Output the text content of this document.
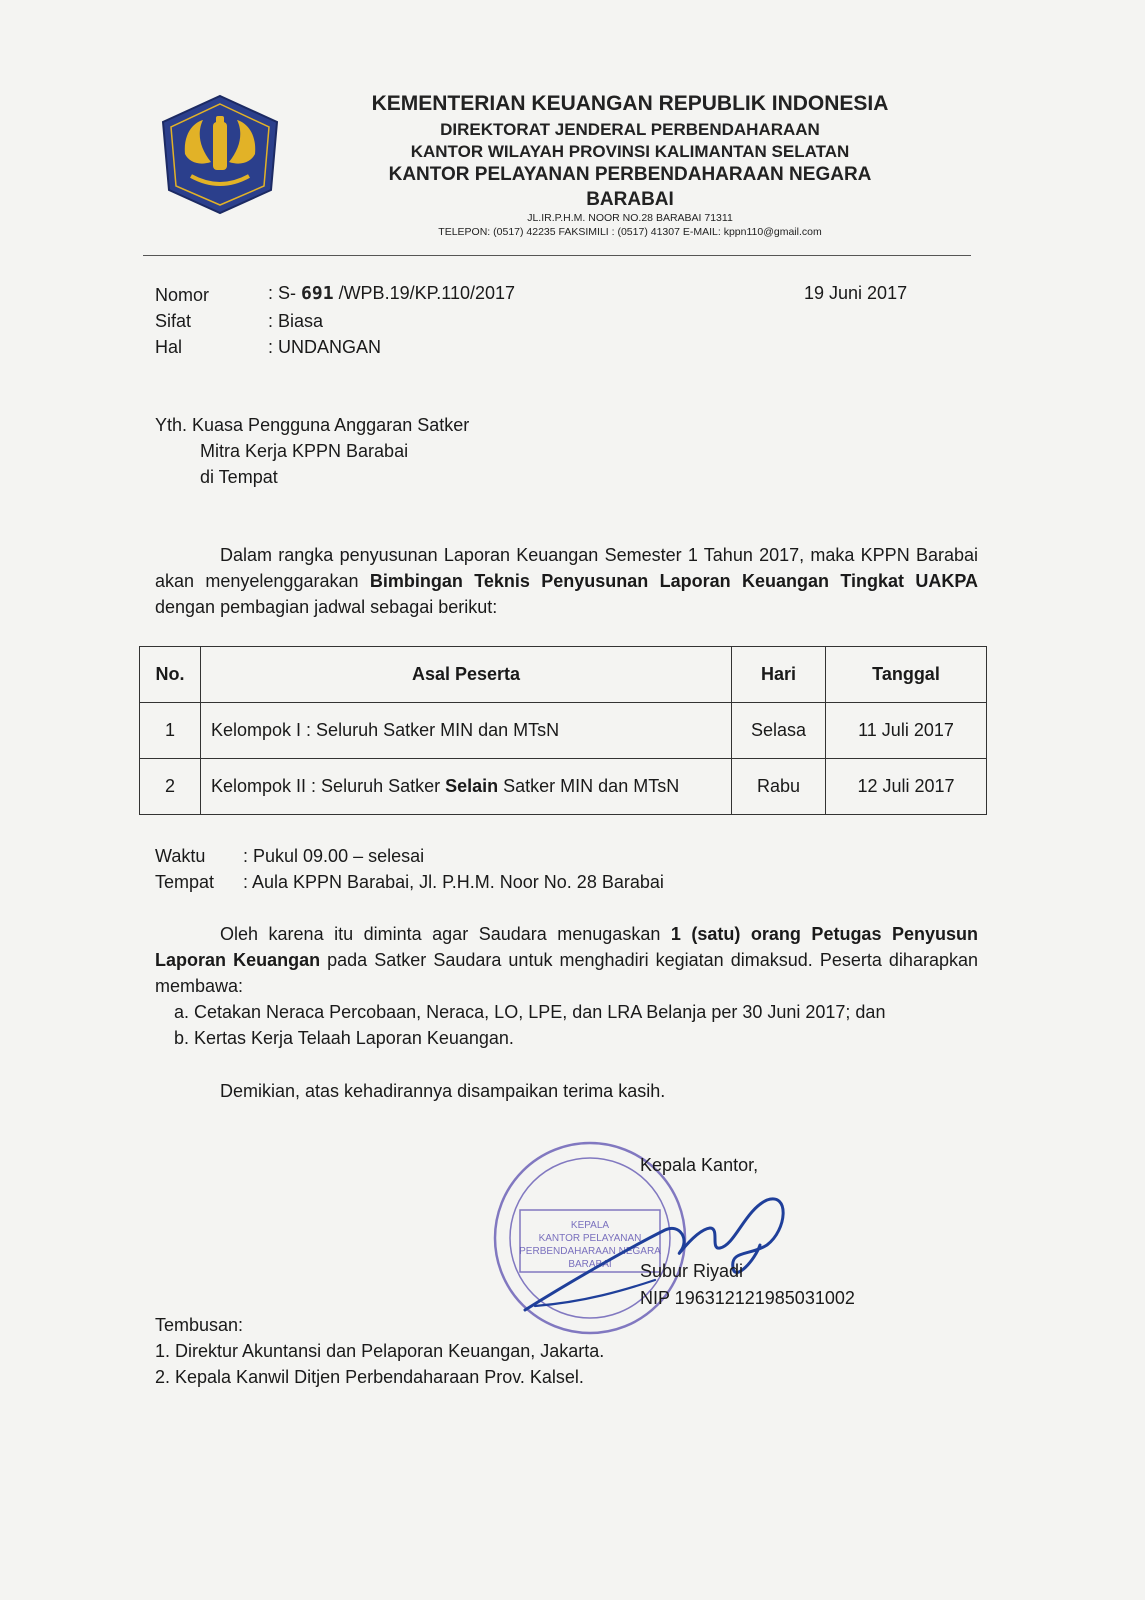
KEMENTERIAN KEUANGAN REPUBLIK INDONESIA
DIREKTORAT JENDERAL PERBENDAHARAAN
KANTOR WILAYAH PROVINSI KALIMANTAN SELATAN
KANTOR PELAYANAN PERBENDAHARAAN NEGARA
BARABAI
JL.IR.P.H.M. NOOR NO.28 BARABAI 71311
TELEPON: (0517) 42235 FAKSIMILI : (0517) 41307 E-MAIL: kppn110@gmail.com
Nomor	: S- 691 /WPB.19/KP.110/2017	19 Juni 2017
Sifat	: Biasa
Hal	: UNDANGAN
Yth. Kuasa Pengguna Anggaran Satker
Mitra Kerja KPPN Barabai
di Tempat
Dalam rangka penyusunan Laporan Keuangan Semester 1 Tahun 2017, maka KPPN Barabai akan menyelenggarakan Bimbingan Teknis Penyusunan Laporan Keuangan Tingkat UAKPA dengan pembagian jadwal sebagai berikut:
No.	Asal Peserta	Hari	Tanggal
1	Kelompok I : Seluruh Satker MIN dan MTsN	Selasa	11 Juli 2017
2	Kelompok II : Seluruh Satker Selain Satker MIN dan MTsN	Rabu	12 Juli 2017
Waktu : Pukul 09.00 – selesai
Tempat : Aula KPPN Barabai, Jl. P.H.M. Noor No. 28 Barabai
Oleh karena itu diminta agar Saudara menugaskan 1 (satu) orang Petugas Penyusun Laporan Keuangan pada Satker Saudara untuk menghadiri kegiatan dimaksud. Peserta diharapkan membawa:
a. Cetakan Neraca Percobaan, Neraca, LO, LPE, dan LRA Belanja per 30 Juni 2017; dan
b. Kertas Kerja Telaah Laporan Keuangan.
Demikian, atas kehadirannya disampaikan terima kasih.
KEPALA
KANTOR PELAYANAN
PERBENDAHARAAN NEGARA
BARABAI
Kepala Kantor,
Subur Riyadi
NIP 196312121985031002
Tembusan:
1. Direktur Akuntansi dan Pelaporan Keuangan, Jakarta.
2. Kepala Kanwil Ditjen Perbendaharaan Prov. Kalsel.
